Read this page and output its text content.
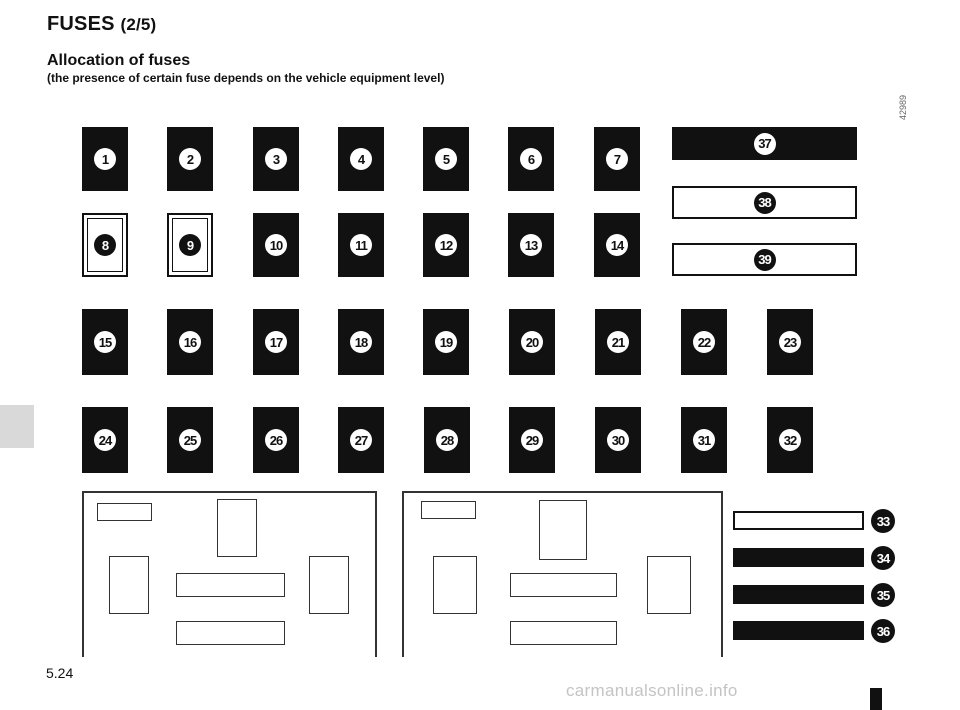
FUSES (2/5)
Allocation of fuses
(the presence of certain fuse depends on the vehicle equipment level)
42989
1	2	3	4	5	6	7
8	9	10	11	12	13	14
37
38
39
15	16	17	18	19	20	21	22	23
24	25	26	27	28	29	30	31	32
33
34
35
36
5.24
carmanualsonline.info
